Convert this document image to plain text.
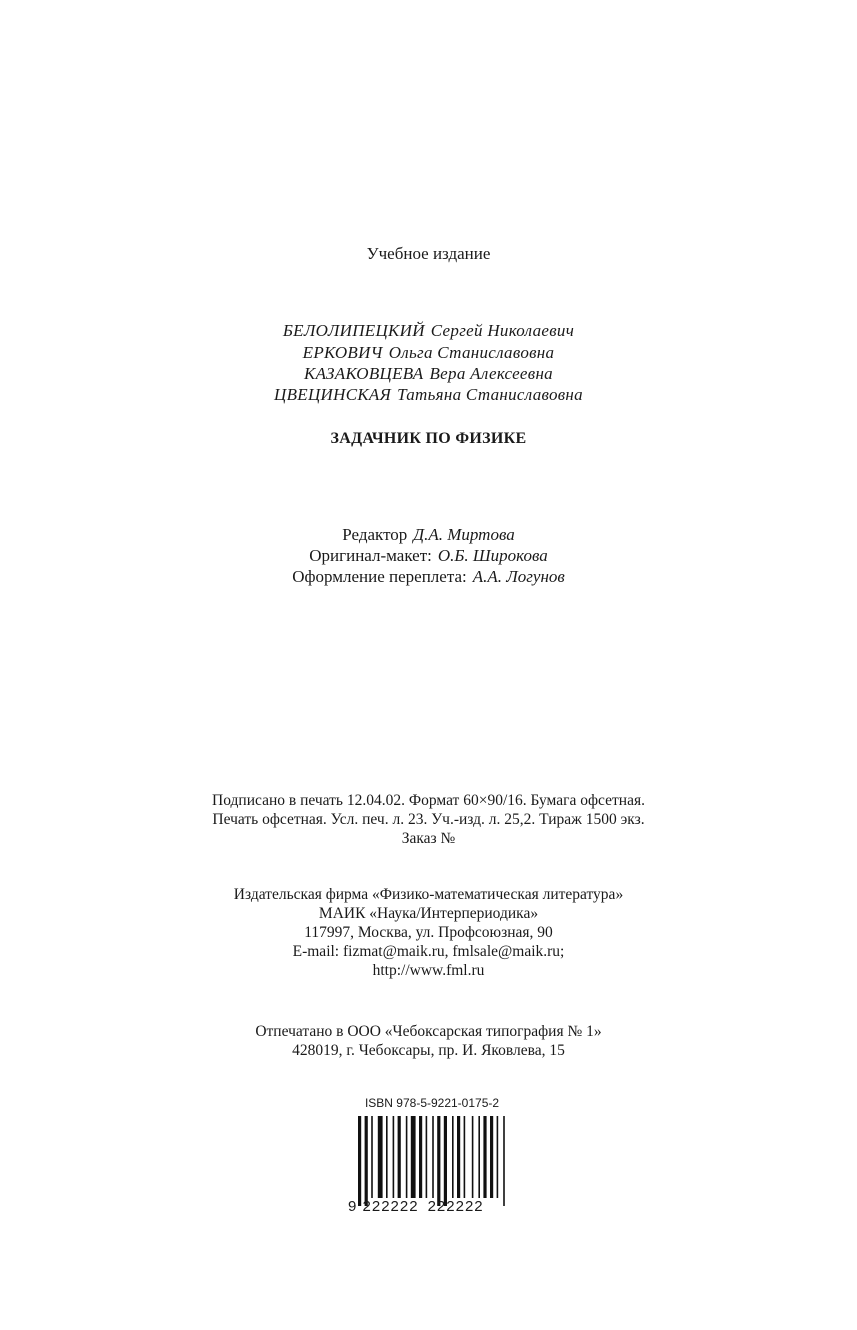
Учебное издание
БЕЛОЛИПЕЦКИЙ Сергей Николаевич
ЕРКОВИЧ Ольга Станиславовна
КАЗАКОВЦЕВА Вера Алексеевна
ЦВЕЦИНСКАЯ Татьяна Станиславовна
ЗАДАЧНИК ПО ФИЗИКЕ
Редактор Д.А. Миртова
Оригинал-макет: О.Б. Широкова
Оформление переплета: А.А. Логунов
Подписано в печать 12.04.02. Формат 60×90/16. Бумага офсетная.
Печать офсетная. Усл. печ. л. 23. Уч.-изд. л. 25,2. Тираж 1500 экз.
Заказ №
Издательская фирма «Физико-математическая литература»
МАИК «Наука/Интерпериодика»
117997, Москва, ул. Профсоюзная, 90
E-mail: fizmat@maik.ru, fmlsale@maik.ru;
http://www.fml.ru
Отпечатано в ООО «Чебоксарская типография № 1»
428019, г. Чебоксары, пр. И. Яковлева, 15
ISBN 978-5-9221-0175-2
9 222222 222222
